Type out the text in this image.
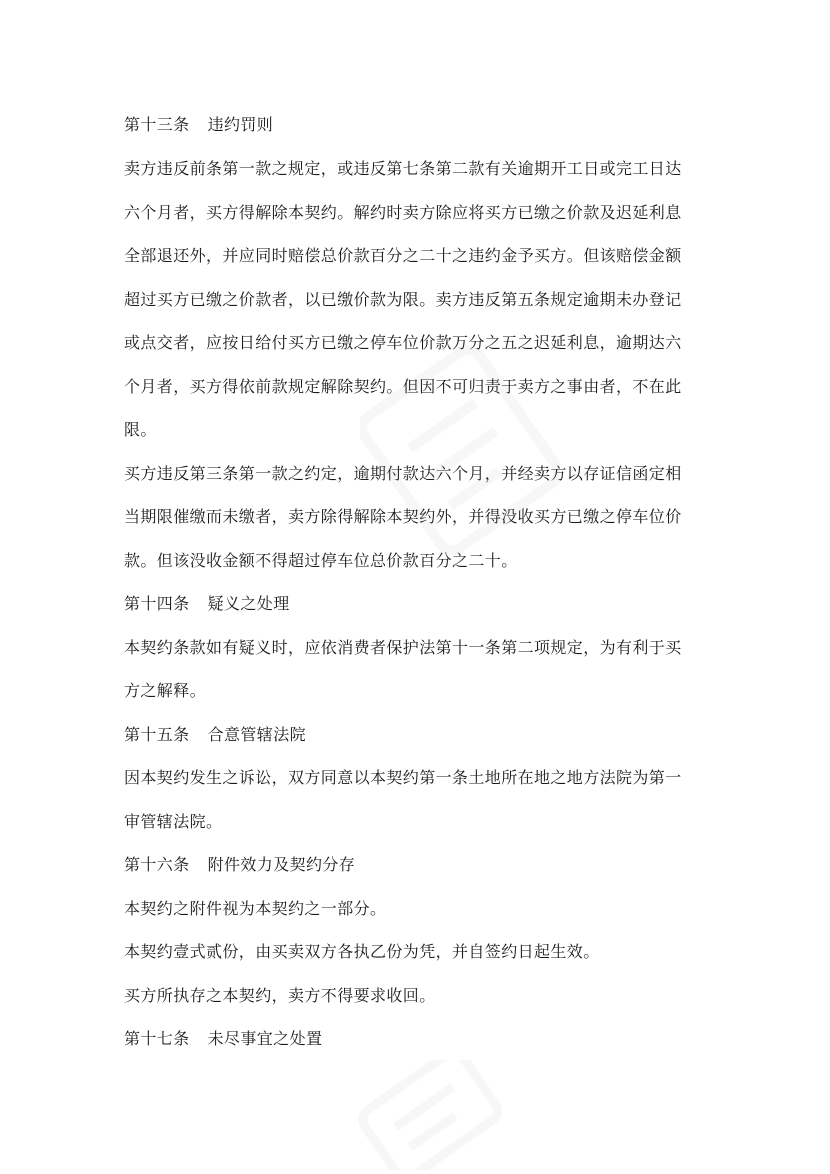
第十三条 违约罚则

卖方违反前条第一款之规定，或违反第七条第二款有关逾期开工日或完工日达

六个月者，买方得解除本契约。解约时卖方除应将买方已缴之价款及迟延利息

全部退还外，并应同时赔偿总价款百分之二十之违约金予买方。但该赔偿金额

超过买方已缴之价款者，以已缴价款为限。卖方违反第五条规定逾期未办登记

或点交者，应按日给付买方已缴之停车位价款万分之五之迟延利息，逾期达六

个月者，买方得依前款规定解除契约。但因不可归责于卖方之事由者，不在此

限。

买方违反第三条第一款之约定，逾期付款达六个月，并经卖方以存证信函定相

当期限催缴而未缴者，卖方除得解除本契约外，并得没收买方已缴之停车位价

款。但该没收金额不得超过停车位总价款百分之二十。

第十四条 疑义之处理

本契约条款如有疑义时，应依消费者保护法第十一条第二项规定，为有利于买

方之解释。

第十五条 合意管辖法院

因本契约发生之诉讼，双方同意以本契约第一条土地所在地之地方法院为第一

审管辖法院。

第十六条 附件效力及契约分存

本契约之附件视为本契约之一部分。

本契约壹式贰份，由买卖双方各执乙份为凭，并自签约日起生效。

买方所执存之本契约，卖方不得要求收回。

第十七条 未尽事宜之处置
